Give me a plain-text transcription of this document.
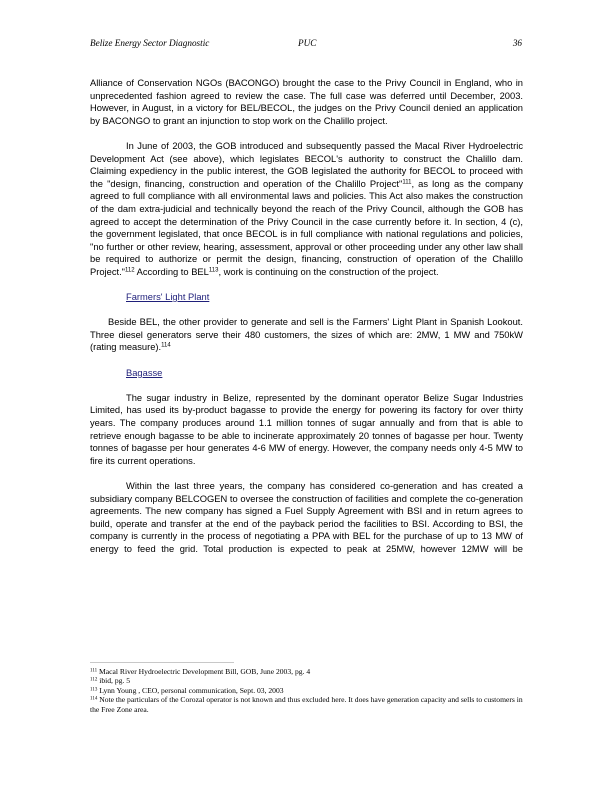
Belize Energy Sector Diagnostic	PUC	36

Alliance of Conservation NGOs (BACONGO) brought the case to the Privy Council in England, who in unprecedented fashion agreed to review the case. The full case was deferred until December, 2003. However, in August, in a victory for BEL/BECOL, the judges on the Privy Council denied an application by BACONGO to grant an injunction to stop work on the Chalillo project.

In June of 2003, the GOB introduced and subsequently passed the Macal River Hydroelectric Development Act (see above), which legislates BECOL's authority to construct the Chalillo dam. Claiming expediency in the public interest, the GOB legislated the authority for BECOL to proceed with the "design, financing, construction and operation of the Chalillo Project"$^{111}$, as long as the company agreed to full compliance with all environmental laws and policies. This Act also makes the construction of the dam extra-judicial and technically beyond the reach of the Privy Council, although the GOB has agreed to accept the determination of the Privy Council in the case currently before it. In section, 4 (c), the government legislated, that once BECOL is in full compliance with national regulations and policies, "no further or other review, hearing, assessment, approval or other proceeding under any other law shall be required to authorize or permit the design, financing, construction of operation of the Chalillo Project."$^{112}$ According to BEL$^{113}$, work is continuing on the construction of the project.

Farmers' Light Plant

Beside BEL, the other provider to generate and sell is the Farmers' Light Plant in Spanish Lookout. Three diesel generators serve their 480 customers, the sizes of which are: 2MW, 1 MW and 750kW (rating measure).$^{114}$

Bagasse

The sugar industry in Belize, represented by the dominant operator Belize Sugar Industries Limited, has used its by-product bagasse to provide the energy for powering its factory for over thirty years. The company produces around 1.1 million tonnes of sugar annually and from that is able to retrieve enough bagasse to be able to incinerate approximately 20 tonnes of bagasse per hour. Twenty tonnes of bagasse per hour generates 4-6 MW of energy. However, the company needs only 4-5 MW to fire its current operations.

Within the last three years, the company has considered co-generation and has created a subsidiary company BELCOGEN to oversee the construction of facilities and complete the co-generation agreements. The new company has signed a Fuel Supply Agreement with BSI and in return agrees to build, operate and transfer at the end of the payback period the facilities to BSI. According to BSI, the company is currently in the process of negotiating a PPA with BEL for the purchase of up to 13 MW of energy to feed the grid. Total production is expected to peak at 25MW, however 12MW will be

$^{111}$ Macal River Hydroelectric Development Bill, GOB, June 2003, pg. 4
$^{112}$ ibid, pg. 5
$^{113}$ Lynn Young , CEO, personal communication, Sept. 03, 2003
$^{114}$ Note the particulars of the Corozal operator is not known and thus excluded here. It does have generation capacity and sells to customers in the Free Zone area.
